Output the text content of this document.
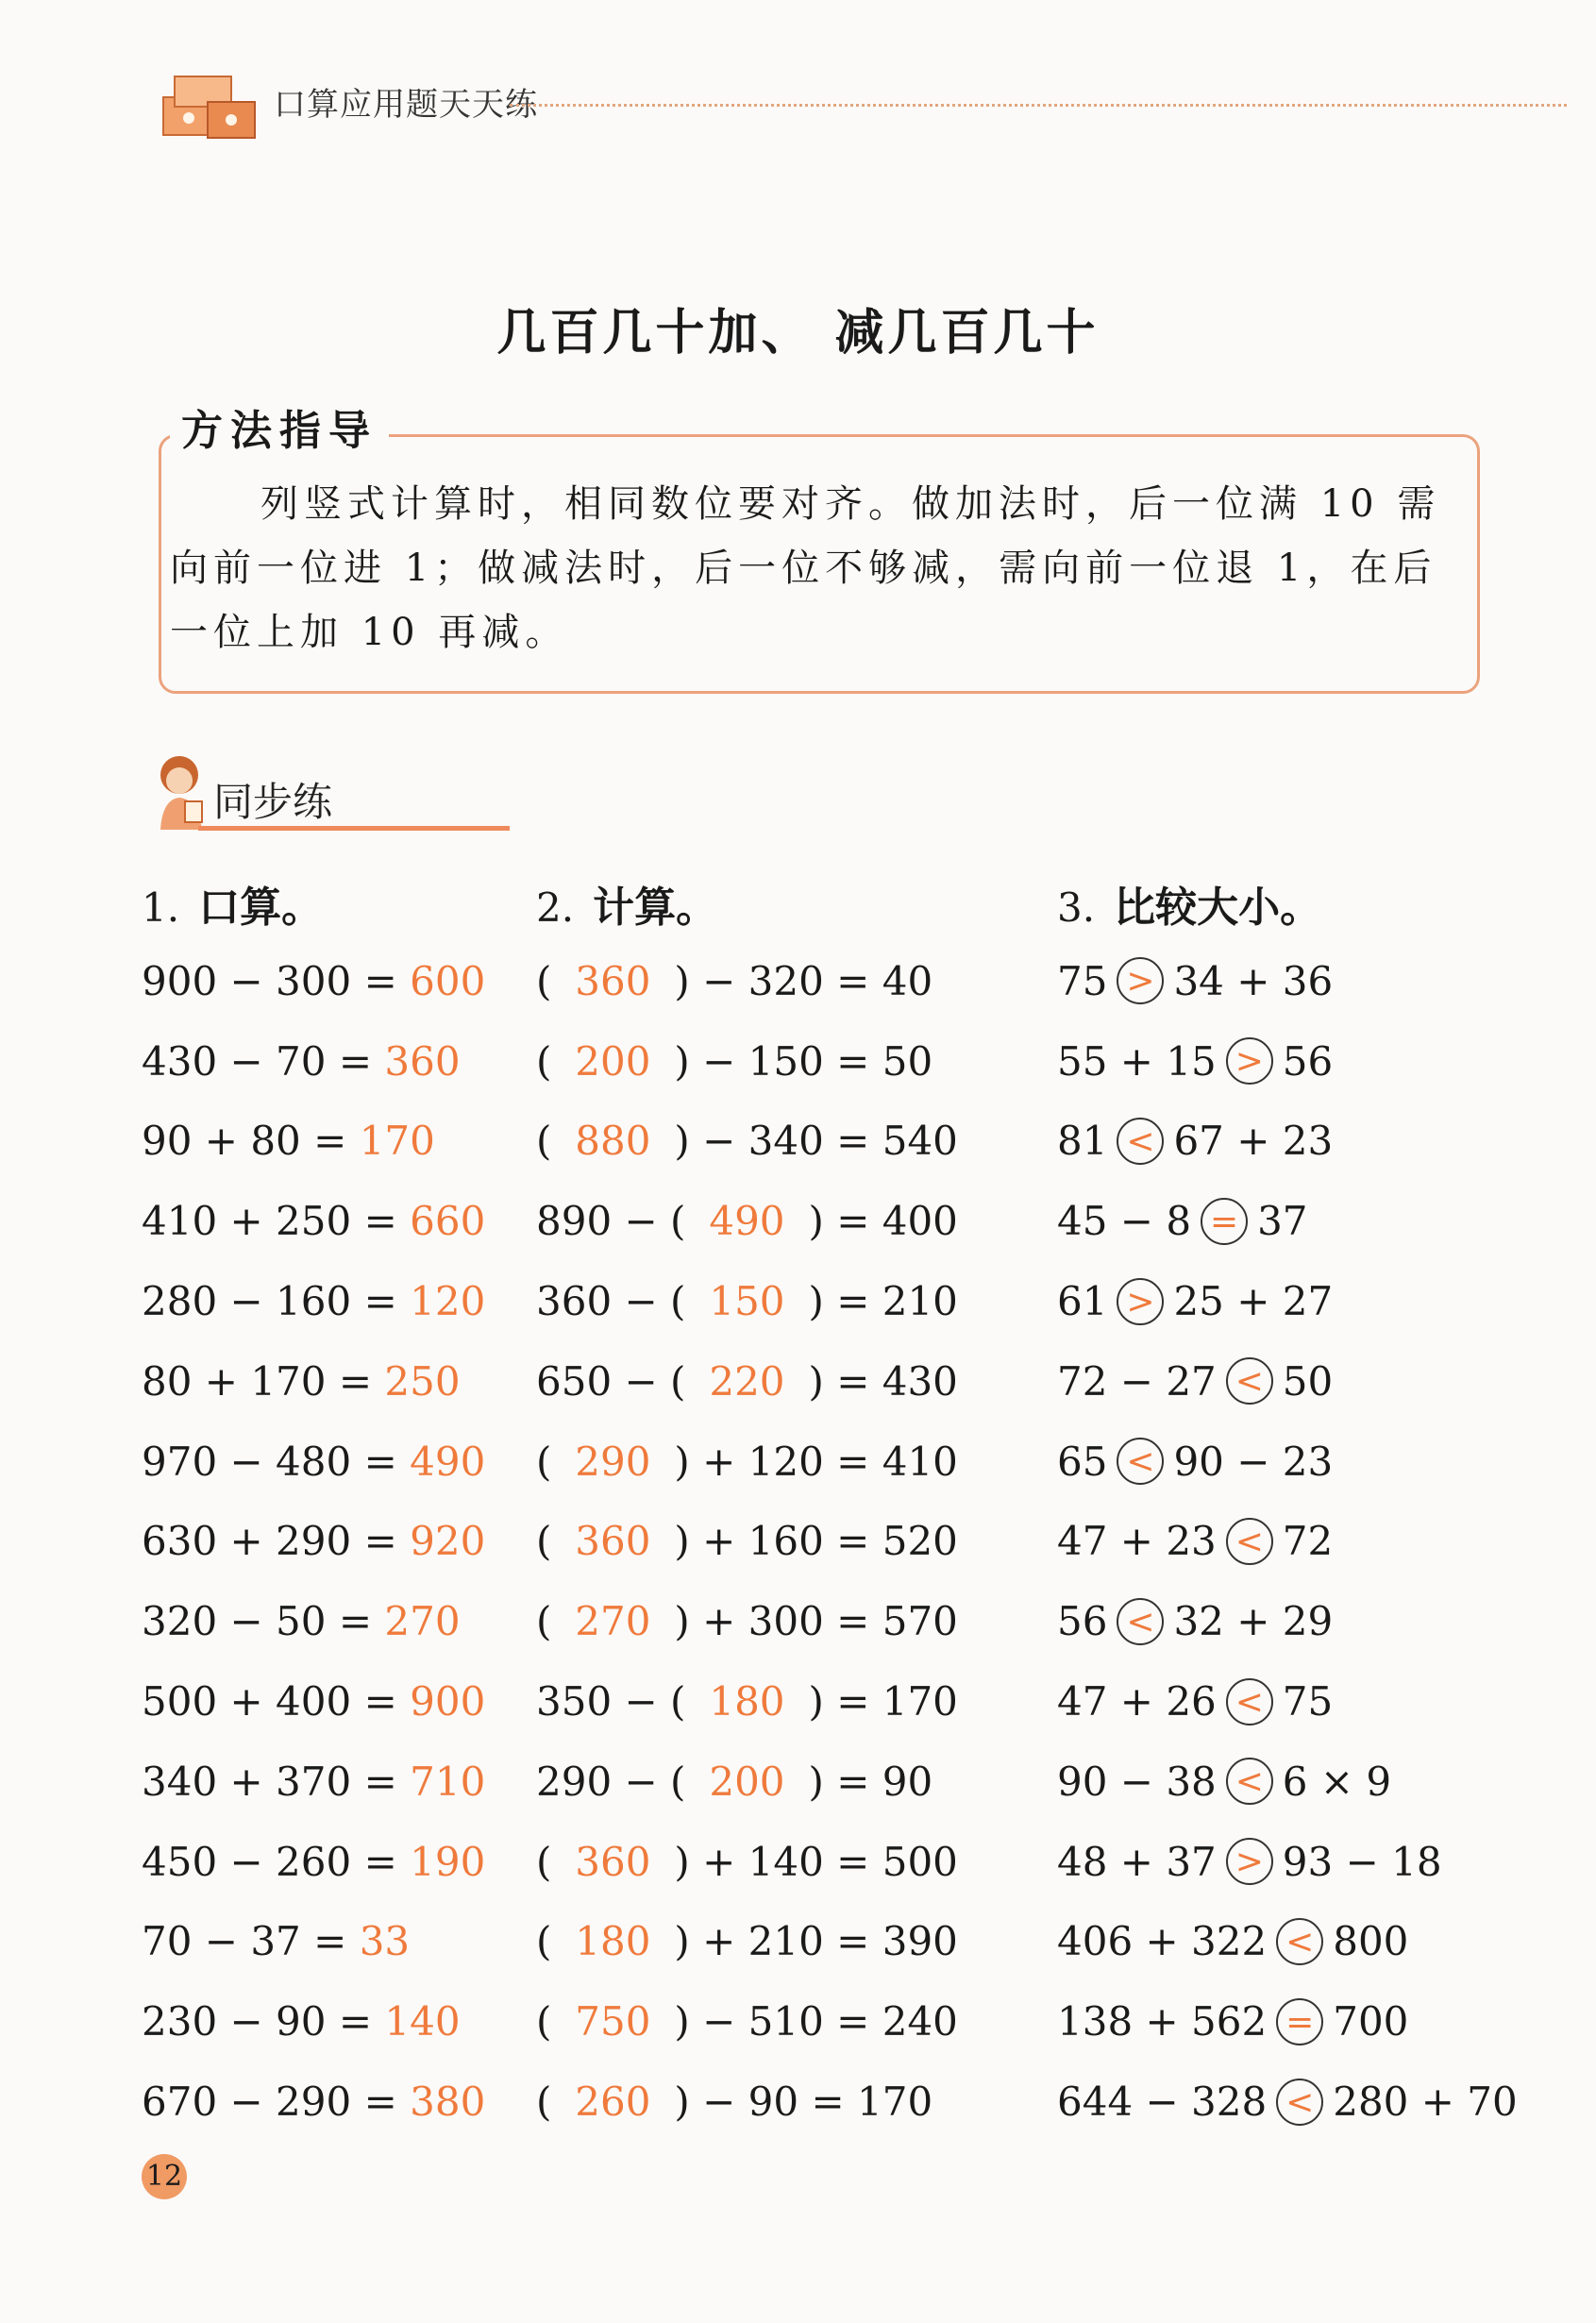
口算应用题天天练
几百几十加、 减几百几十
方法指导
列竖式计算时，相同数位要对齐。做加法时，后一位满 10 需向前一位进 1；做减法时，后一位不够减，需向前一位退 1，在后一位上加 10 再减。
同步练
1. 口算。
900 − 300 =
600
430 − 70 =
360
90 + 80 =
170
410 + 250 =
660
280 − 160 =
120
80 + 170 =
250
970 − 480 =
490
630 + 290 =
920
320 − 50 =
270
500 + 400 =
900
340 + 370 =
710
450 − 260 =
190
70 − 37 =
33
230 − 90 =
140
670 − 290 =
380
2. 计算。
( 360 ) − 320 = 40
( 200 ) − 150 = 50
( 880 ) − 340 = 540
890 − ( 490 ) = 400
360 − ( 150 ) = 210
650 − ( 220 ) = 430
( 290 ) + 120 = 410
( 360 ) + 160 = 520
( 270 ) + 300 = 570
350 − ( 180 ) = 170
290 − ( 200 ) = 90
( 360 ) + 140 = 500
( 180 ) + 210 = 390
( 750 ) − 510 = 240
( 260 ) − 90 = 170
3. 比较大小。
75 > 34 + 36
55 + 15 > 56
81 < 67 + 23
45 − 8 = 37
61 > 25 + 27
72 − 27 < 50
65 < 90 − 23
47 + 23 < 72
56 < 32 + 29
47 + 26 < 75
90 − 38 < 6 × 9
48 + 37 > 93 − 18
406 + 322 < 800
138 + 562 = 700
644 − 328 < 280 + 70
12
